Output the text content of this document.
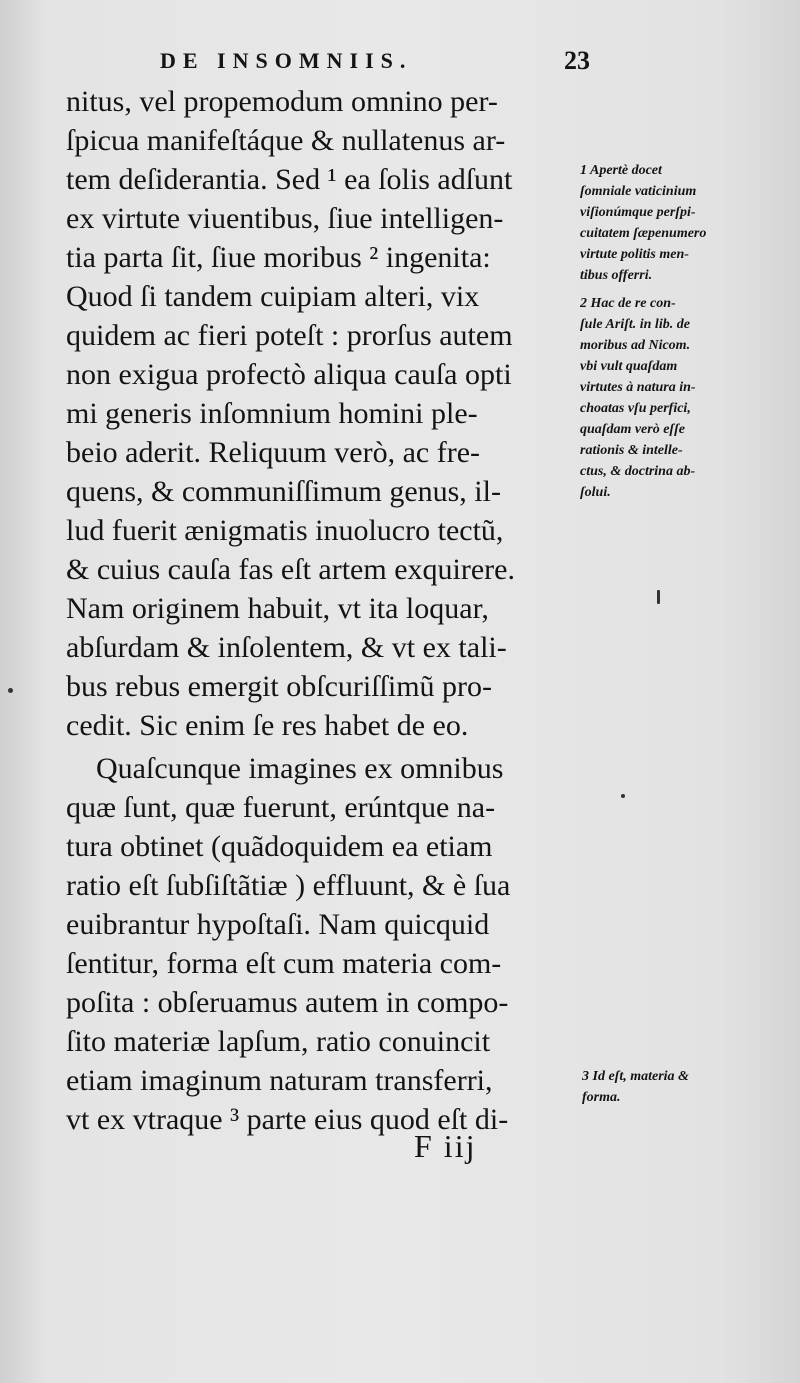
DE INSOMNIIS.	23
nitus, vel propemodum omnino per-
ſpicua manifeſtáque & nullatenus ar-
tem deſiderantia. Sed ¹ ea ſolis adſunt
ex virtute viuentibus, ſiue intelligen-
tia parta ſit, ſiue moribus ² ingenita:
Quod ſi tandem cuipiam alteri, vix
quidem ac fieri poteſt : prorſus autem
non exigua profectò aliqua cauſa opti
mi generis inſomnium homini ple-
beio aderit. Reliquum verò, ac fre-
quens, & communiſſimum genus, il-
lud fuerit ænigmatis inuolucro tectũ,
& cuius cauſa fas eſt artem exquirere.
Nam originem habuit, vt ita loquar,
abſurdam & inſolentem, & vt ex tali-
bus rebus emergit obſcuriſſimũ pro-
cedit. Sic enim ſe res habet de eo.
Quaſcunque imagines ex omnibus
quæ ſunt, quæ fuerunt, erúntque na-
tura obtinet (quãdoquidem ea etiam
ratio eſt ſubſiſtãtiæ ) effluunt, & è ſua
euibrantur hypoſtaſi. Nam quicquid
ſentitur, forma eſt cum materia com-
poſita : obſeruamus autem in compo-
ſito materiæ lapſum, ratio conuincit
etiam imaginum naturam transferri,
vt ex vtraque ³ parte eius quod eſt di-
1 Apertè docet
ſomniale vaticinium
viſionúmque perſpi-
cuitatem ſæpenumero
virtute politis men-
tibus offerri.
2 Hac de re con-
ſule Ariſt. in lib. de
moribus ad Nicom.
vbi vult quaſdam
virtutes à natura in-
choatas vſu perfici,
quaſdam verò eſſe
rationis & intelle-
ctus, & doctrina ab-
ſolui.
3 Id eſt, materia &
forma.
F iij
